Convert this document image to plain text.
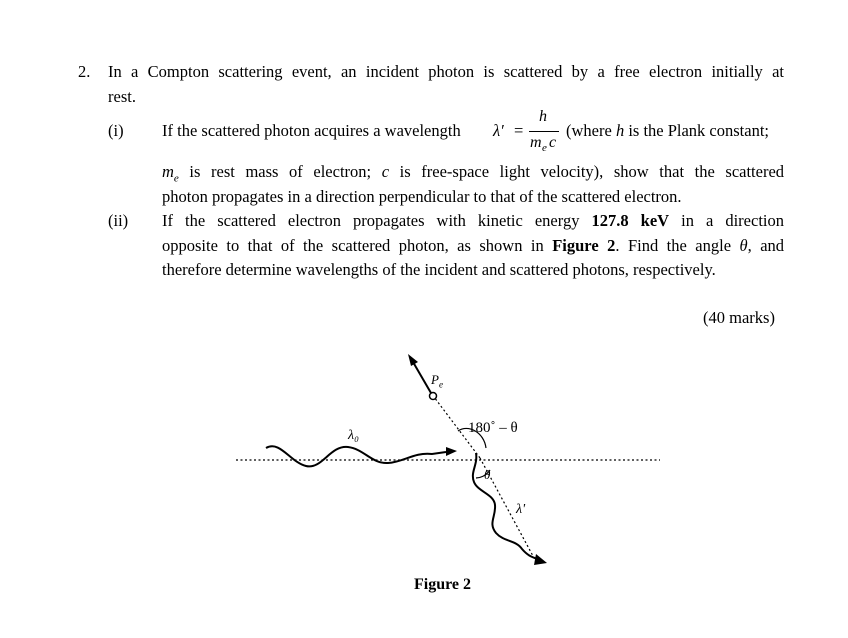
2. In a Compton scattering event, an incident photon is scattered by a free electron initially at
rest.
(i) If the scattered photon acquires a wavelength λ′ =
h
m e c
(where h is the Plank constant;
$m_e$ is rest mass of electron; c is free-space light velocity), show that the scattered
photon propagates in a direction perpendicular to that of the scattered electron.
(ii) If the scattered electron propagates with kinetic energy 127.8 keV in a direction
opposite to that of the scattered photon, as shown in Figure 2. Find the angle θ, and
therefore determine wavelengths of the incident and scattered photons, respectively.
(40 marks)
λ₀
$P_e$
180˚ – θ
θ
λ'
Figure 2
